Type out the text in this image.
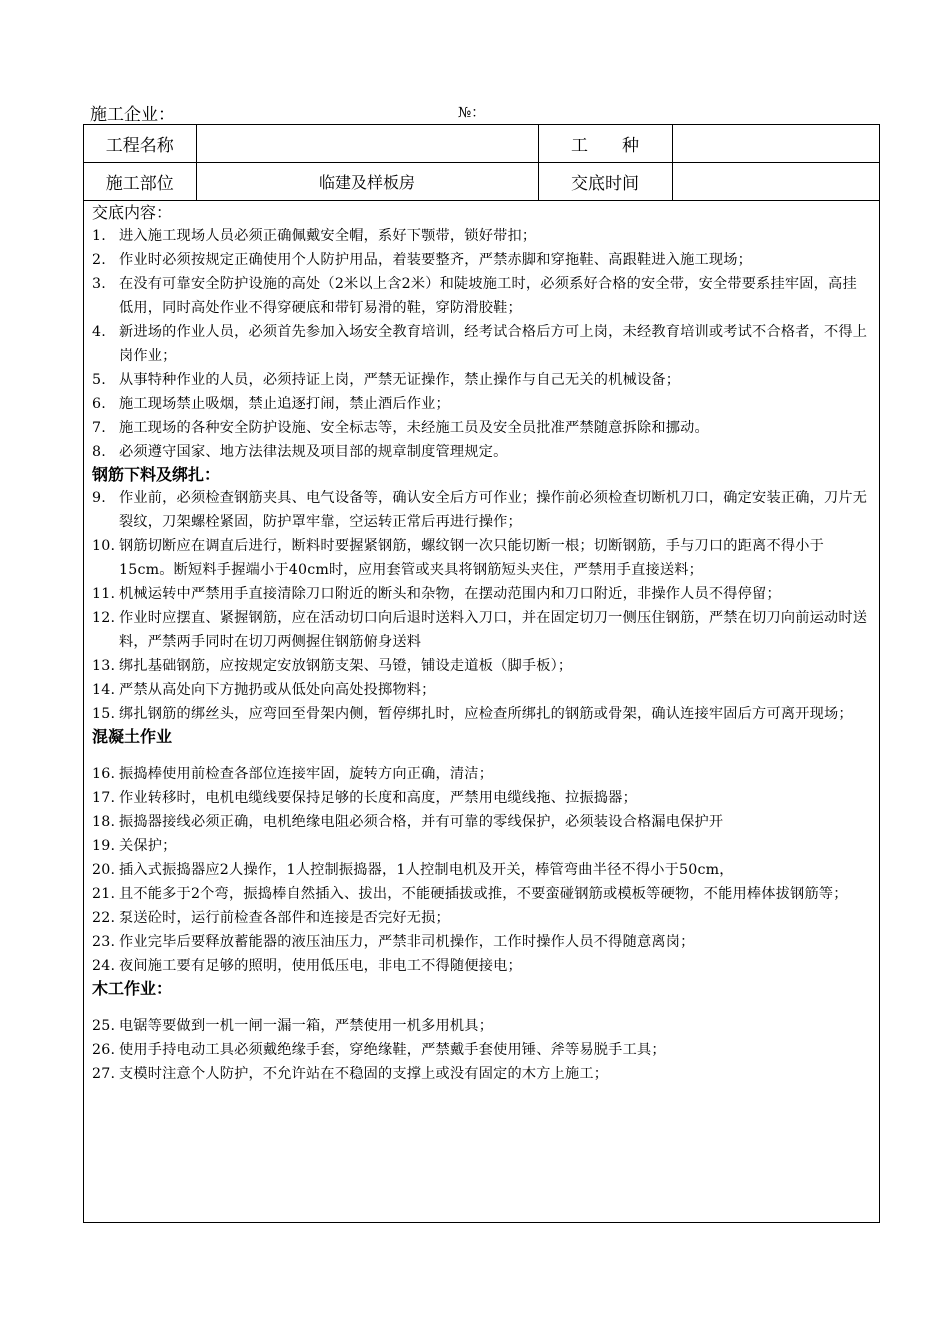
施工企业：	№：
工程名称		工　　种	
施工部位	临建及样板房	交底时间	
交底内容：
1. 进入施工现场人员必须正确佩戴安全帽，系好下颚带，锁好带扣；
2. 作业时必须按规定正确使用个人防护用品，着装要整齐，严禁赤脚和穿拖鞋、高跟鞋进入施工现场；
3. 在没有可靠安全防护设施的高处（2米以上含2米）和陡坡施工时，必须系好合格的安全带，安全带要系挂牢固，高挂低用，同时高处作业不得穿硬底和带钉易滑的鞋，穿防滑胶鞋；
4. 新进场的作业人员，必须首先参加入场安全教育培训，经考试合格后方可上岗，未经教育培训或考试不合格者，不得上岗作业；
5. 从事特种作业的人员，必须持证上岗，严禁无证操作，禁止操作与自己无关的机械设备；
6. 施工现场禁止吸烟，禁止追逐打闹，禁止酒后作业；
7. 施工现场的各种安全防护设施、安全标志等，未经施工员及安全员批准严禁随意拆除和挪动。
8. 必须遵守国家、地方法律法规及项目部的规章制度管理规定。
钢筋下料及绑扎：
9. 作业前，必须检查钢筋夹具、电气设备等，确认安全后方可作业；操作前必须检查切断机刀口，确定安装正确，刀片无裂纹，刀架螺栓紧固，防护罩牢靠，空运转正常后再进行操作；
10. 钢筋切断应在调直后进行，断料时要握紧钢筋，螺纹钢一次只能切断一根；切断钢筋，手与刀口的距离不得小于15cm。断短料手握端小于40cm时，应用套管或夹具将钢筋短头夹住，严禁用手直接送料；
11. 机械运转中严禁用手直接清除刀口附近的断头和杂物，在摆动范围内和刀口附近，非操作人员不得停留；
12. 作业时应摆直、紧握钢筋，应在活动切口向后退时送料入刀口，并在固定切刀一侧压住钢筋，严禁在切刀向前运动时送料，严禁两手同时在切刀两侧握住钢筋俯身送料
13. 绑扎基础钢筋，应按规定安放钢筋支架、马镫，铺设走道板（脚手板）；
14. 严禁从高处向下方抛扔或从低处向高处投掷物料；
15. 绑扎钢筋的绑丝头，应弯回至骨架内侧，暂停绑扎时，应检查所绑扎的钢筋或骨架，确认连接牢固后方可离开现场；
混凝土作业
16. 振捣棒使用前检查各部位连接牢固，旋转方向正确，清洁；
17. 作业转移时，电机电缆线要保持足够的长度和高度，严禁用电缆线拖、拉振捣器；
18. 振捣器接线必须正确，电机绝缘电阻必须合格，并有可靠的零线保护，必须装设合格漏电保护开
19. 关保护；
20. 插入式振捣器应2人操作，1人控制振捣器，1人控制电机及开关，棒管弯曲半径不得小于50cm，
21. 且不能多于2个弯，振捣棒自然插入、拔出，不能硬插拔或推，不要蛮碰钢筋或模板等硬物，不能用棒体拔钢筋等；
22. 泵送砼时，运行前检查各部件和连接是否完好无损；
23. 作业完毕后要释放蓄能器的液压油压力，严禁非司机操作，工作时操作人员不得随意离岗；
24. 夜间施工要有足够的照明，使用低压电，非电工不得随便接电；
木工作业：
25. 电锯等要做到一机一闸一漏一箱，严禁使用一机多用机具；
26. 使用手持电动工具必须戴绝缘手套，穿绝缘鞋，严禁戴手套使用锤、斧等易脱手工具；
27. 支模时注意个人防护，不允许站在不稳固的支撑上或没有固定的木方上施工；
